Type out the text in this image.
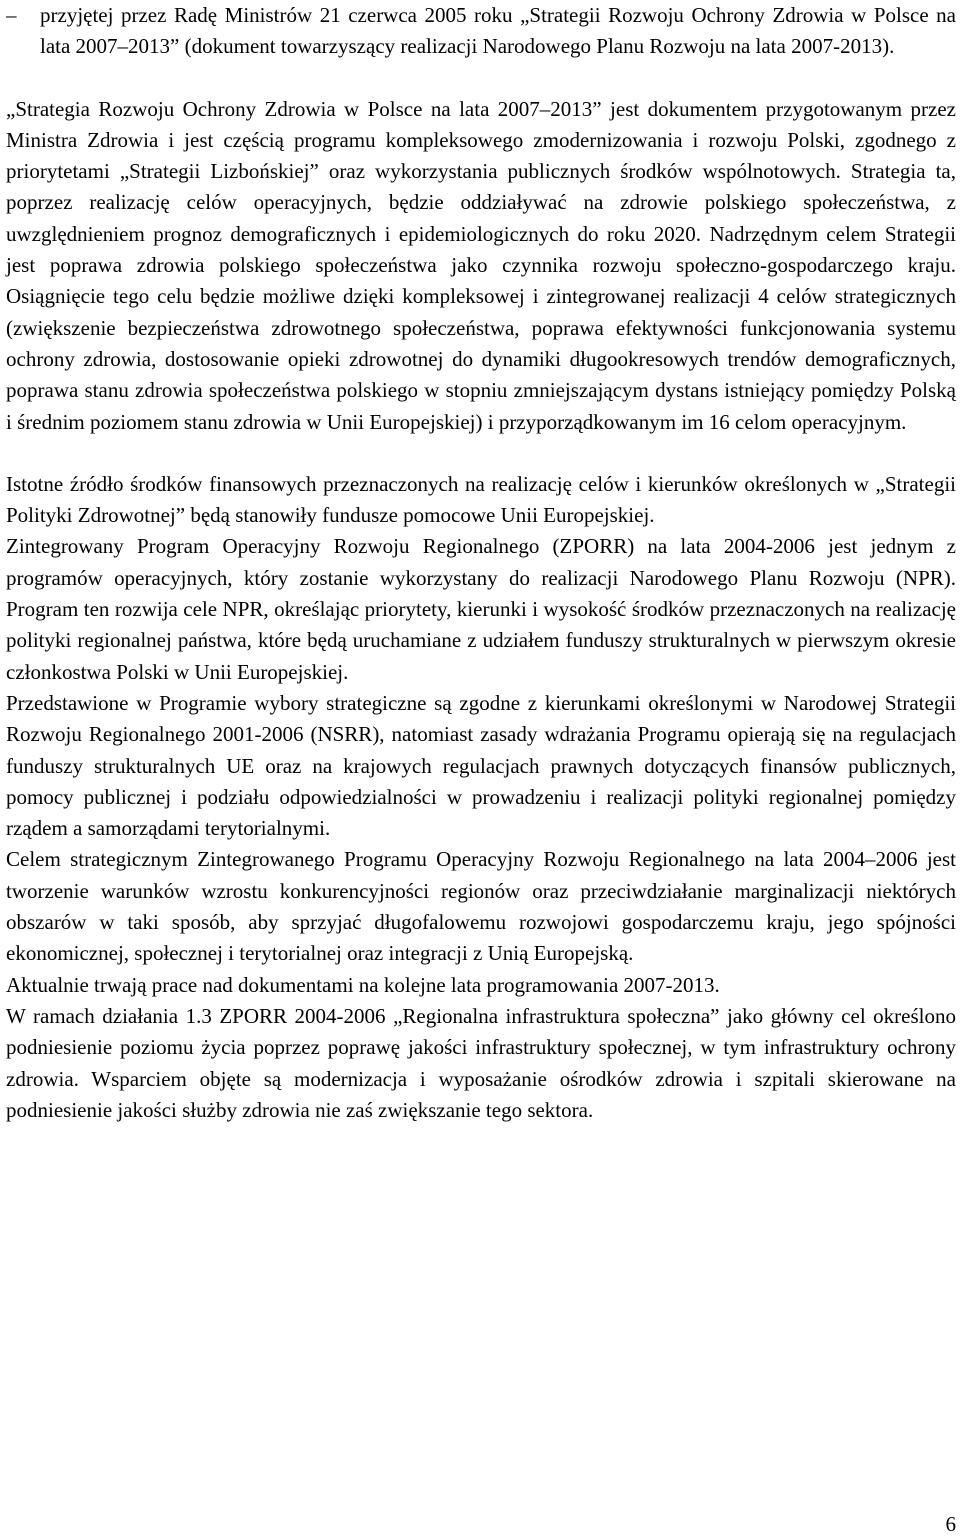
– przyjętej przez Radę Ministrów 21 czerwca 2005 roku „Strategii Rozwoju Ochrony Zdrowia w Polsce na lata 2007–2013” (dokument towarzyszący realizacji Narodowego Planu Rozwoju na lata 2007-2013).

„Strategia Rozwoju Ochrony Zdrowia w Polsce na lata 2007–2013” jest dokumentem przygotowanym przez Ministra Zdrowia i jest częścią programu kompleksowego zmodernizowania i rozwoju Polski, zgodnego z priorytetami „Strategii Lizbońskiej” oraz wykorzystania publicznych środków wspólnotowych. Strategia ta, poprzez realizację celów operacyjnych, będzie oddziaływać na zdrowie polskiego społeczeństwa, z uwzględnieniem prognoz demograficznych i epidemiologicznych do roku 2020. Nadrzędnym celem Strategii jest poprawa zdrowia polskiego społeczeństwa jako czynnika rozwoju społeczno-gospodarczego kraju. Osiągnięcie tego celu będzie możliwe dzięki kompleksowej i zintegrowanej realizacji 4 celów strategicznych (zwiększenie bezpieczeństwa zdrowotnego społeczeństwa, poprawa efektywności funkcjonowania systemu ochrony zdrowia, dostosowanie opieki zdrowotnej do dynamiki długookresowych trendów demograficznych, poprawa stanu zdrowia społeczeństwa polskiego w stopniu zmniejszającym dystans istniejący pomiędzy Polską i średnim poziomem stanu zdrowia w Unii Europejskiej) i przyporządkowanym im 16 celom operacyjnym.

Istotne źródło środków finansowych przeznaczonych na realizację celów i kierunków określonych w „Strategii Polityki Zdrowotnej” będą stanowiły fundusze pomocowe Unii Europejskiej.

Zintegrowany Program Operacyjny Rozwoju Regionalnego (ZPORR) na lata 2004-2006 jest jednym z programów operacyjnych, który zostanie wykorzystany do realizacji Narodowego Planu Rozwoju (NPR). Program ten rozwija cele NPR, określając priorytety, kierunki i wysokość środków przeznaczonych na realizację polityki regionalnej państwa, które będą uruchamiane z udziałem funduszy strukturalnych w pierwszym okresie członkostwa Polski w Unii Europejskiej.

Przedstawione w Programie wybory strategiczne są zgodne z kierunkami określonymi w Narodowej Strategii Rozwoju Regionalnego 2001-2006 (NSRR), natomiast zasady wdrażania Programu opierają się na regulacjach funduszy strukturalnych UE oraz na krajowych regulacjach prawnych dotyczących finansów publicznych, pomocy publicznej i podziału odpowiedzialności w prowadzeniu i realizacji polityki regionalnej pomiędzy rządem a samorządami terytorialnymi.

Celem strategicznym Zintegrowanego Programu Operacyjny Rozwoju Regionalnego na lata 2004–2006 jest tworzenie warunków wzrostu konkurencyjności regionów oraz przeciwdziałanie marginalizacji niektórych obszarów w taki sposób, aby sprzyjać długofalowemu rozwojowi gospodarczemu kraju, jego spójności ekonomicznej, społecznej i terytorialnej oraz integracji z Unią Europejską.

Aktualnie trwają prace nad dokumentami na kolejne lata programowania 2007-2013.

W ramach działania 1.3 ZPORR 2004-2006 „Regionalna infrastruktura społeczna” jako główny cel określono podniesienie poziomu życia poprzez poprawę jakości infrastruktury społecznej, w tym infrastruktury ochrony zdrowia. Wsparciem objęte są modernizacja i wyposażanie ośrodków zdrowia i szpitali skierowane na podniesienie jakości służby zdrowia nie zaś zwiększanie tego sektora.

6
